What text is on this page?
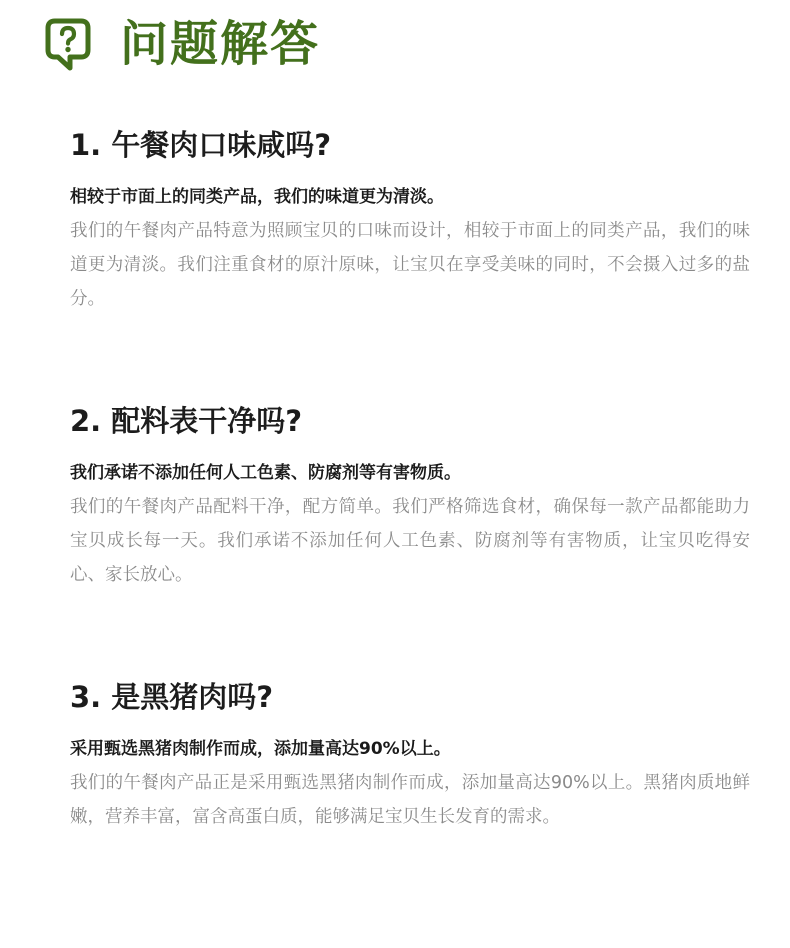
问题解答
1. 午餐肉口味咸吗?
相较于市面上的同类产品，我们的味道更为清淡。
我们的午餐肉产品特意为照顾宝贝的口味而设计，相较于市面上的同类产品，我们的味道更为清淡。我们注重食材的原汁原味，让宝贝在享受美味的同时，不会摄入过多的盐分。
2. 配料表干净吗?
我们承诺不添加任何人工色素、防腐剂等有害物质。
我们的午餐肉产品配料干净，配方简单。我们严格筛选食材，确保每一款产品都能助力宝贝成长每一天。我们承诺不添加任何人工色素、防腐剂等有害物质，让宝贝吃得安心、家长放心。
3. 是黑猪肉吗?
采用甄选黑猪肉制作而成，添加量高达90%以上。
我们的午餐肉产品正是采用甄选黑猪肉制作而成，添加量高达90%以上。黑猪肉质地鲜嫩，营养丰富，富含高蛋白质，能够满足宝贝生长发育的需求。
